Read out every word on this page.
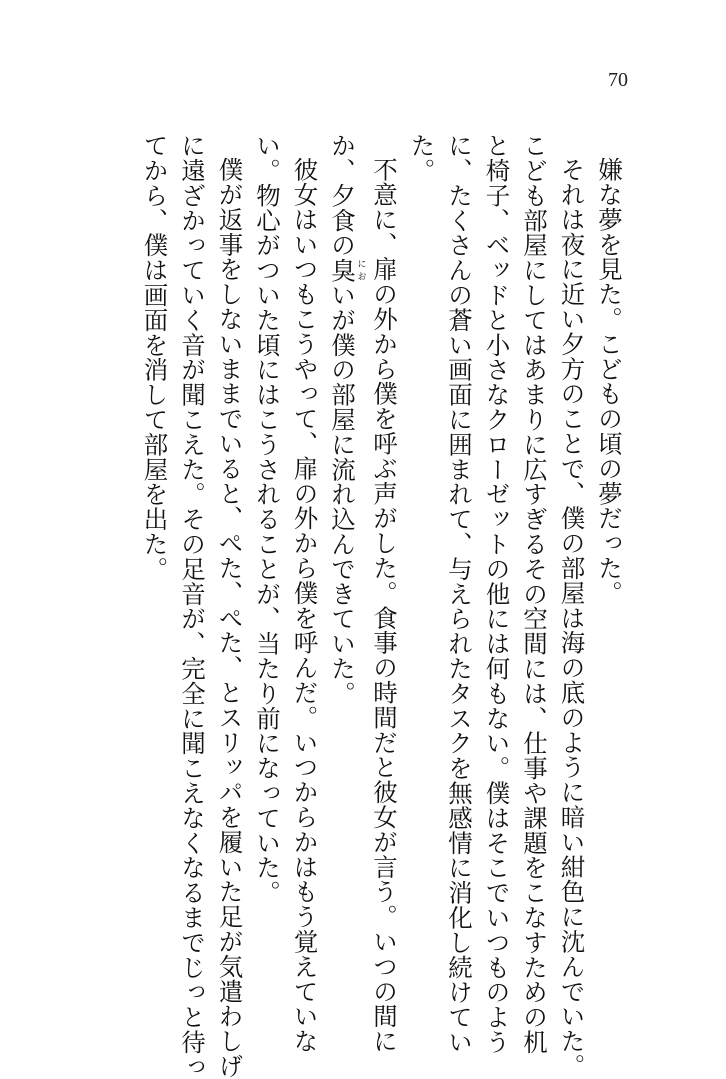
70

嫌な夢を見た。こどもの頃の夢だった。

それは夜に近い夕方のことで、僕の部屋は海の底のように暗い紺色に沈んでいた。
こども部屋にしてはあまりに広すぎるその空間には、仕事や課題をこなすための机
と椅子、ベッドと小さなクローゼットの他には何もない。僕はそこでいつものよう
に、たくさんの蒼い画面に囲まれて、与えられたタスクを無感情に消化し続けてい
た。

不意に、扉の外から僕を呼ぶ声がした。食事の時間だと彼女が言う。いつの間に
か、夕食の臭においが僕の部屋に流れ込んできていた。

彼女はいつもこうやって、扉の外から僕を呼んだ。いつからかはもう覚えていな
い。物心がついた頃にはこうされることが、当たり前になっていた。

僕が返事をしないままでいると、ぺた、ぺた、とスリッパを履いた足が気遣わしげ
に遠ざかっていく音が聞こえた。その足音が、完全に聞こえなくなるまでじっと待っ
てから、僕は画面を消して部屋を出た。
